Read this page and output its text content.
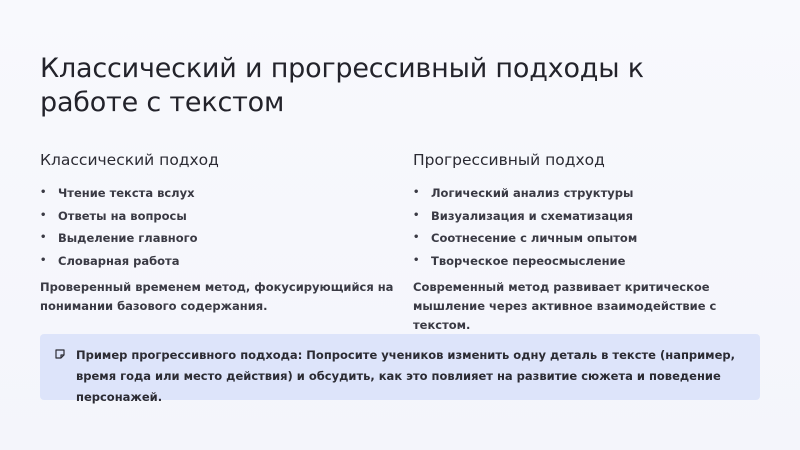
Классический и прогрессивный подходы к работе с текстом
Классический подход
• Чтение текста вслух
• Ответы на вопросы
• Выделение главного
• Словарная работа

Проверенный временем метод, фокусирующийся на понимании базового содержания.

Прогрессивный подход
• Логический анализ структуры
• Визуализация и схематизация
• Соотнесение с личным опытом
• Творческое переосмысление

Современный метод развивает критическое мышление через активное взаимодействие с текстом.

Пример прогрессивного подхода: Попросите учеников изменить одну деталь в тексте (например, время года или место действия) и обсудить, как это повлияет на развитие сюжета и поведение персонажей.
